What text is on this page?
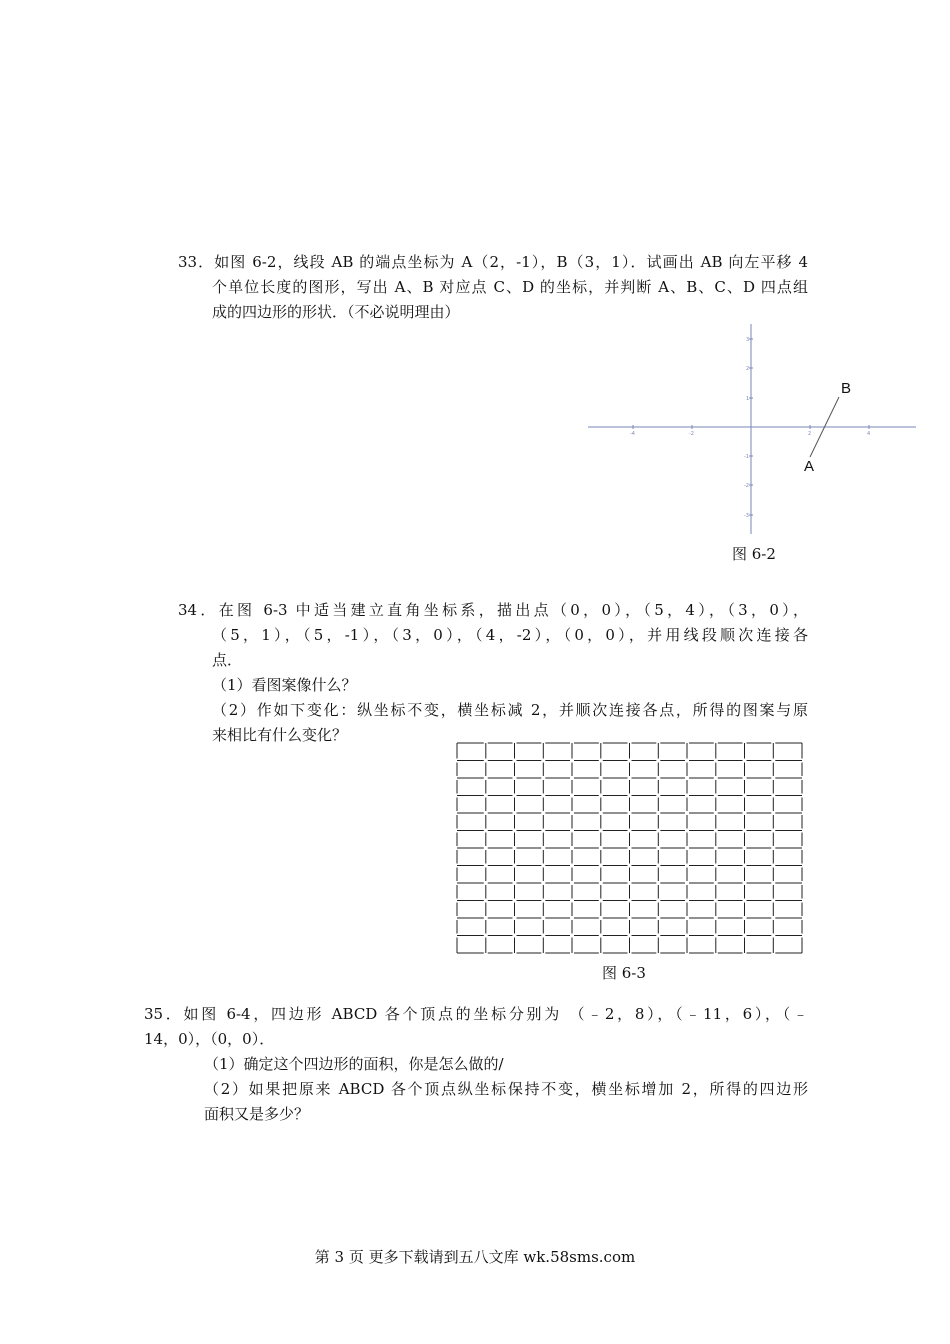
33．如图 6-2，线段 AB 的端点坐标为 A（2，-1），B（3，1）．试画出 AB 向左平移 4
个单位长度的图形，写出 A、B 对应点 C、D 的坐标，并判断 A、B、C、D 四点组
成的四边形的形状．（不必说明理由）
-4	-2	2	4
3
2
1
-1
-2
-3
B
A
图 6-2
34．在图 6-3 中适当建立直角坐标系，描出点（0，0），（5，4），（3，0），
（5，1），（5，-1），（3，0），（4，-2），（0，0），并用线段顺次连接各
点．
（1）看图案像什么？
（2）作如下变化：纵坐标不变，横坐标减 2，并顺次连接各点，所得的图案与原
来相比有什么变化？
图 6-3
35．如图 6-4，四边形 ABCD 各个顶点的坐标分别为 （﹣2，8），（﹣11，6），（﹣
14，0），（0，0）．
（1）确定这个四边形的面积，你是怎么做的/
（2）如果把原来 ABCD 各个顶点纵坐标保持不变，横坐标增加 2，所得的四边形
面积又是多少？
第 3 页 更多下载请到五八文库 wk.58sms.com
